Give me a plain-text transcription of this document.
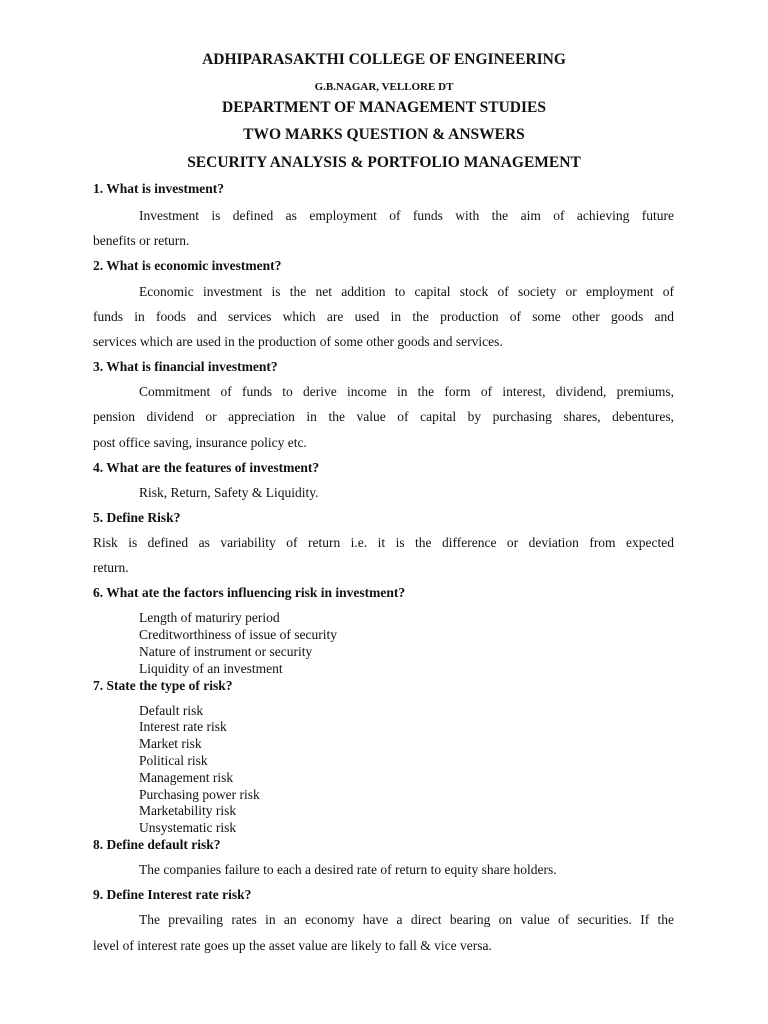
ADHIPARASAKTHI COLLEGE OF ENGINEERING
G.B.NAGAR, VELLORE DT
DEPARTMENT OF MANAGEMENT STUDIES
TWO MARKS QUESTION & ANSWERS
SECURITY ANALYSIS & PORTFOLIO MANAGEMENT
1. What is investment?
Investment is defined as employment of funds with the aim of achieving future
benefits or return.
2. What is economic investment?
Economic investment is the net addition to capital stock of society or employment of
funds in foods and services which are used in the production of some other goods and
services which are used in the production of some other goods and services.
3. What is financial investment?
Commitment of funds to derive income in the form of interest, dividend, premiums,
pension dividend or appreciation in the value of capital by purchasing shares, debentures,
post office saving, insurance policy etc.
4. What are the features of investment?
Risk, Return, Safety & Liquidity.
5. Define Risk?
Risk is defined as variability of return i.e. it is the difference or deviation from expected
return.
6. What ate the factors influencing risk in investment?
Length of maturiry period
Creditworthiness of issue of security
Nature of instrument or security
Liquidity of an investment
7. State the type of risk?
Default risk
Interest rate risk
Market risk
Political risk
Management risk
Purchasing power risk
Marketability risk
Unsystematic risk
8. Define default risk?
The companies failure to each a desired rate of return to equity share holders.
9. Define Interest rate risk?
The prevailing rates in an economy have a direct bearing on value of securities. If the
level of interest rate goes up the asset value are likely to fall & vice versa.
